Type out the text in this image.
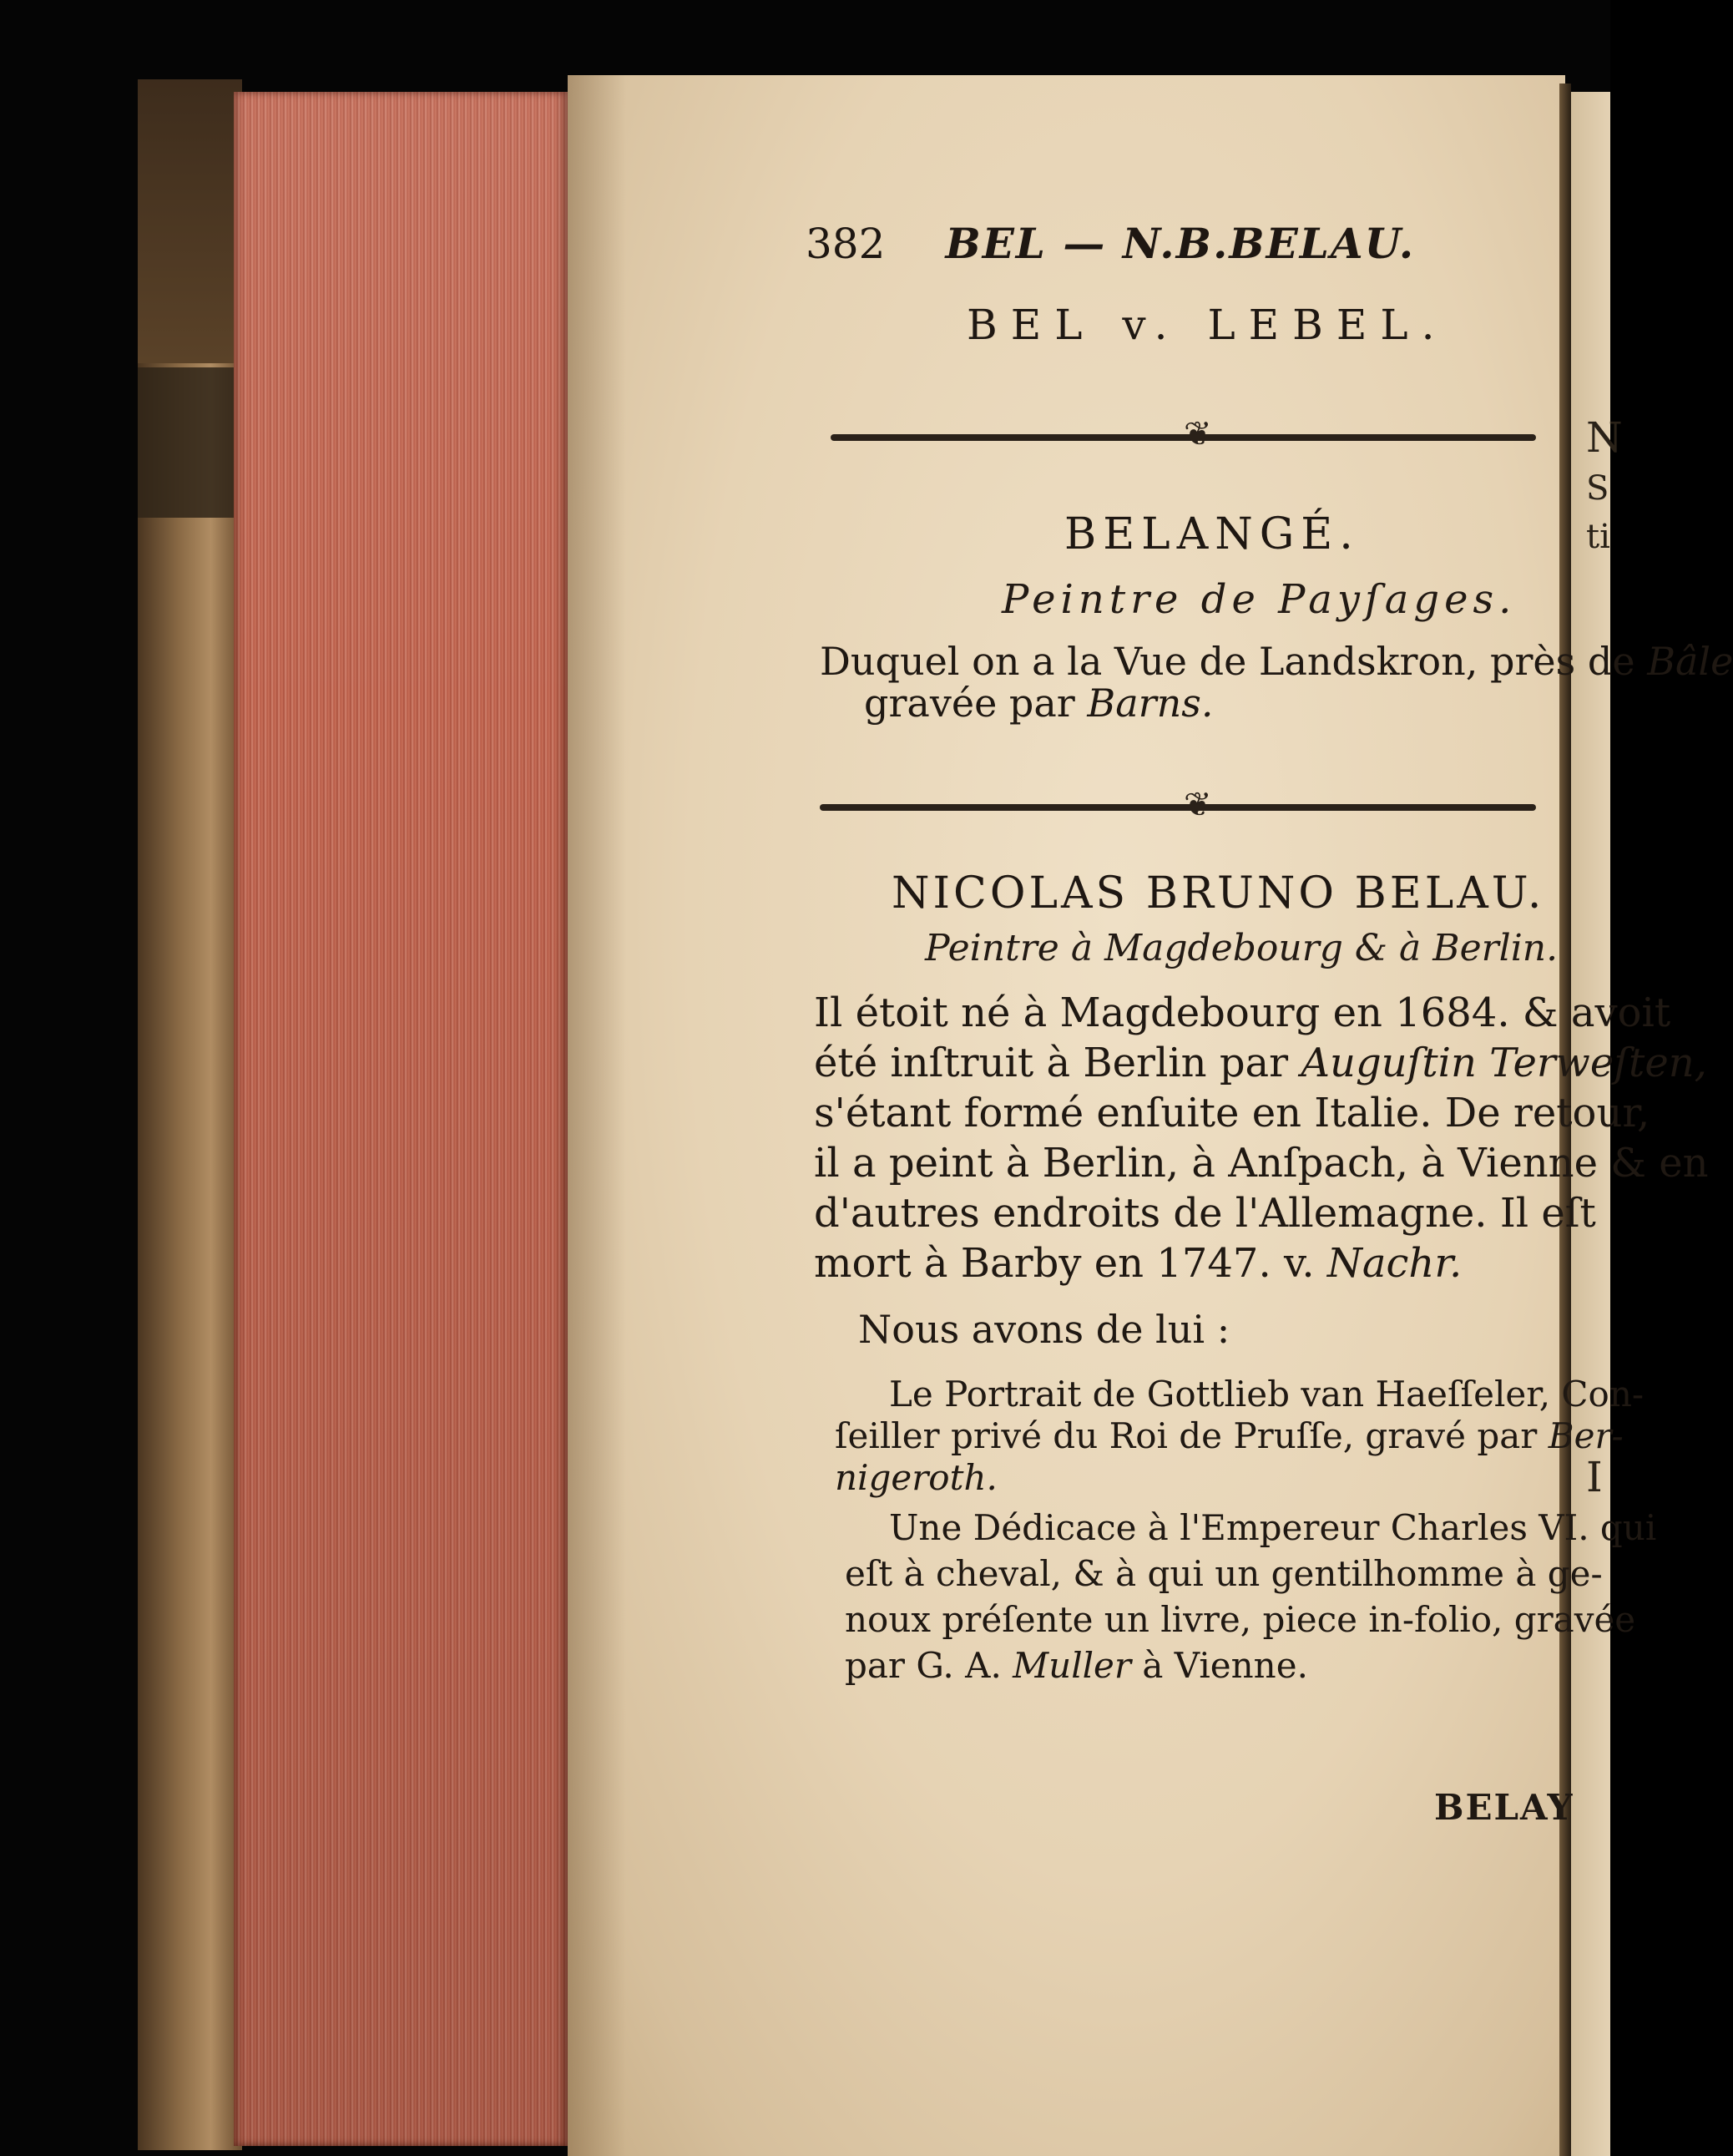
N
S
ti
I
382 BEL — N.B.BELAU.
BEL v. LEBEL.
❦
BELANGÉ.
Peintre de Payſages.
Duquel on a la Vue de Landskron, près de Bâle
gravée par Barns.
❦
NICOLAS BRUNO BELAU.
Peintre à Magdebourg & à Berlin.
Il étoit né à Magdebourg en 1684. & avoit
été inſtruit à Berlin par Auguſtin Terweſten,
s'étant formé enſuite en Italie. De retour,
il a peint à Berlin, à Anſpach, à Vienne & en
d'autres endroits de l'Allemagne. Il eſt
mort à Barby en 1747. v. Nachr.
Nous avons de lui :
Le Portrait de Gottlieb van Haeſſeler, Con-
ſeiller privé du Roi de Pruſſe, gravé par Ber-
nigeroth.
Une Dédicace à l'Empereur Charles VI. qui
eſt à cheval, & à qui un gentilhomme à ge-
noux préſente un livre, piece in-folio, gravée
par G. A. Muller à Vienne.
BELAY
